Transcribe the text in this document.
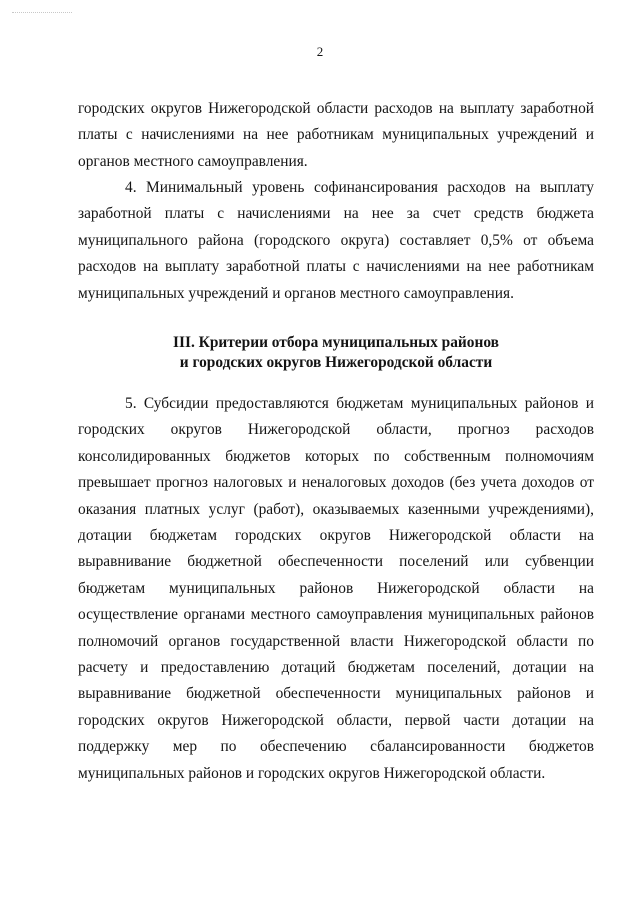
2

городских округов Нижегородской области расходов на выплату заработной платы с начислениями на нее работникам муниципальных учреждений и органов местного самоуправления.

4. Минимальный уровень софинансирования расходов на выплату заработной платы с начислениями на нее за счет средств бюджета муниципального района (городского округа) составляет 0,5% от объема расходов на выплату заработной платы с начислениями на нее работникам муниципальных учреждений и органов местного самоуправления.

III. Критерии отбора муниципальных районов
и городских округов Нижегородской области

5. Субсидии предоставляются бюджетам муниципальных районов и городских округов Нижегородской области, прогноз расходов консолидированных бюджетов которых по собственным полномочиям превышает прогноз налоговых и неналоговых доходов (без учета доходов от оказания платных услуг (работ), оказываемых казенными учреждениями), дотации бюджетам городских округов Нижегородской области на выравнивание бюджетной обеспеченности поселений или субвенции бюджетам муниципальных районов Нижегородской области на осуществление органами местного самоуправления муниципальных районов полномочий органов государственной власти Нижегородской области по расчету и предоставлению дотаций бюджетам поселений, дотации на выравнивание бюджетной обеспеченности муниципальных районов и городских округов Нижегородской области, первой части дотации на поддержку мер по обеспечению сбалансированности бюджетов муниципальных районов и городских округов Нижегородской области.
